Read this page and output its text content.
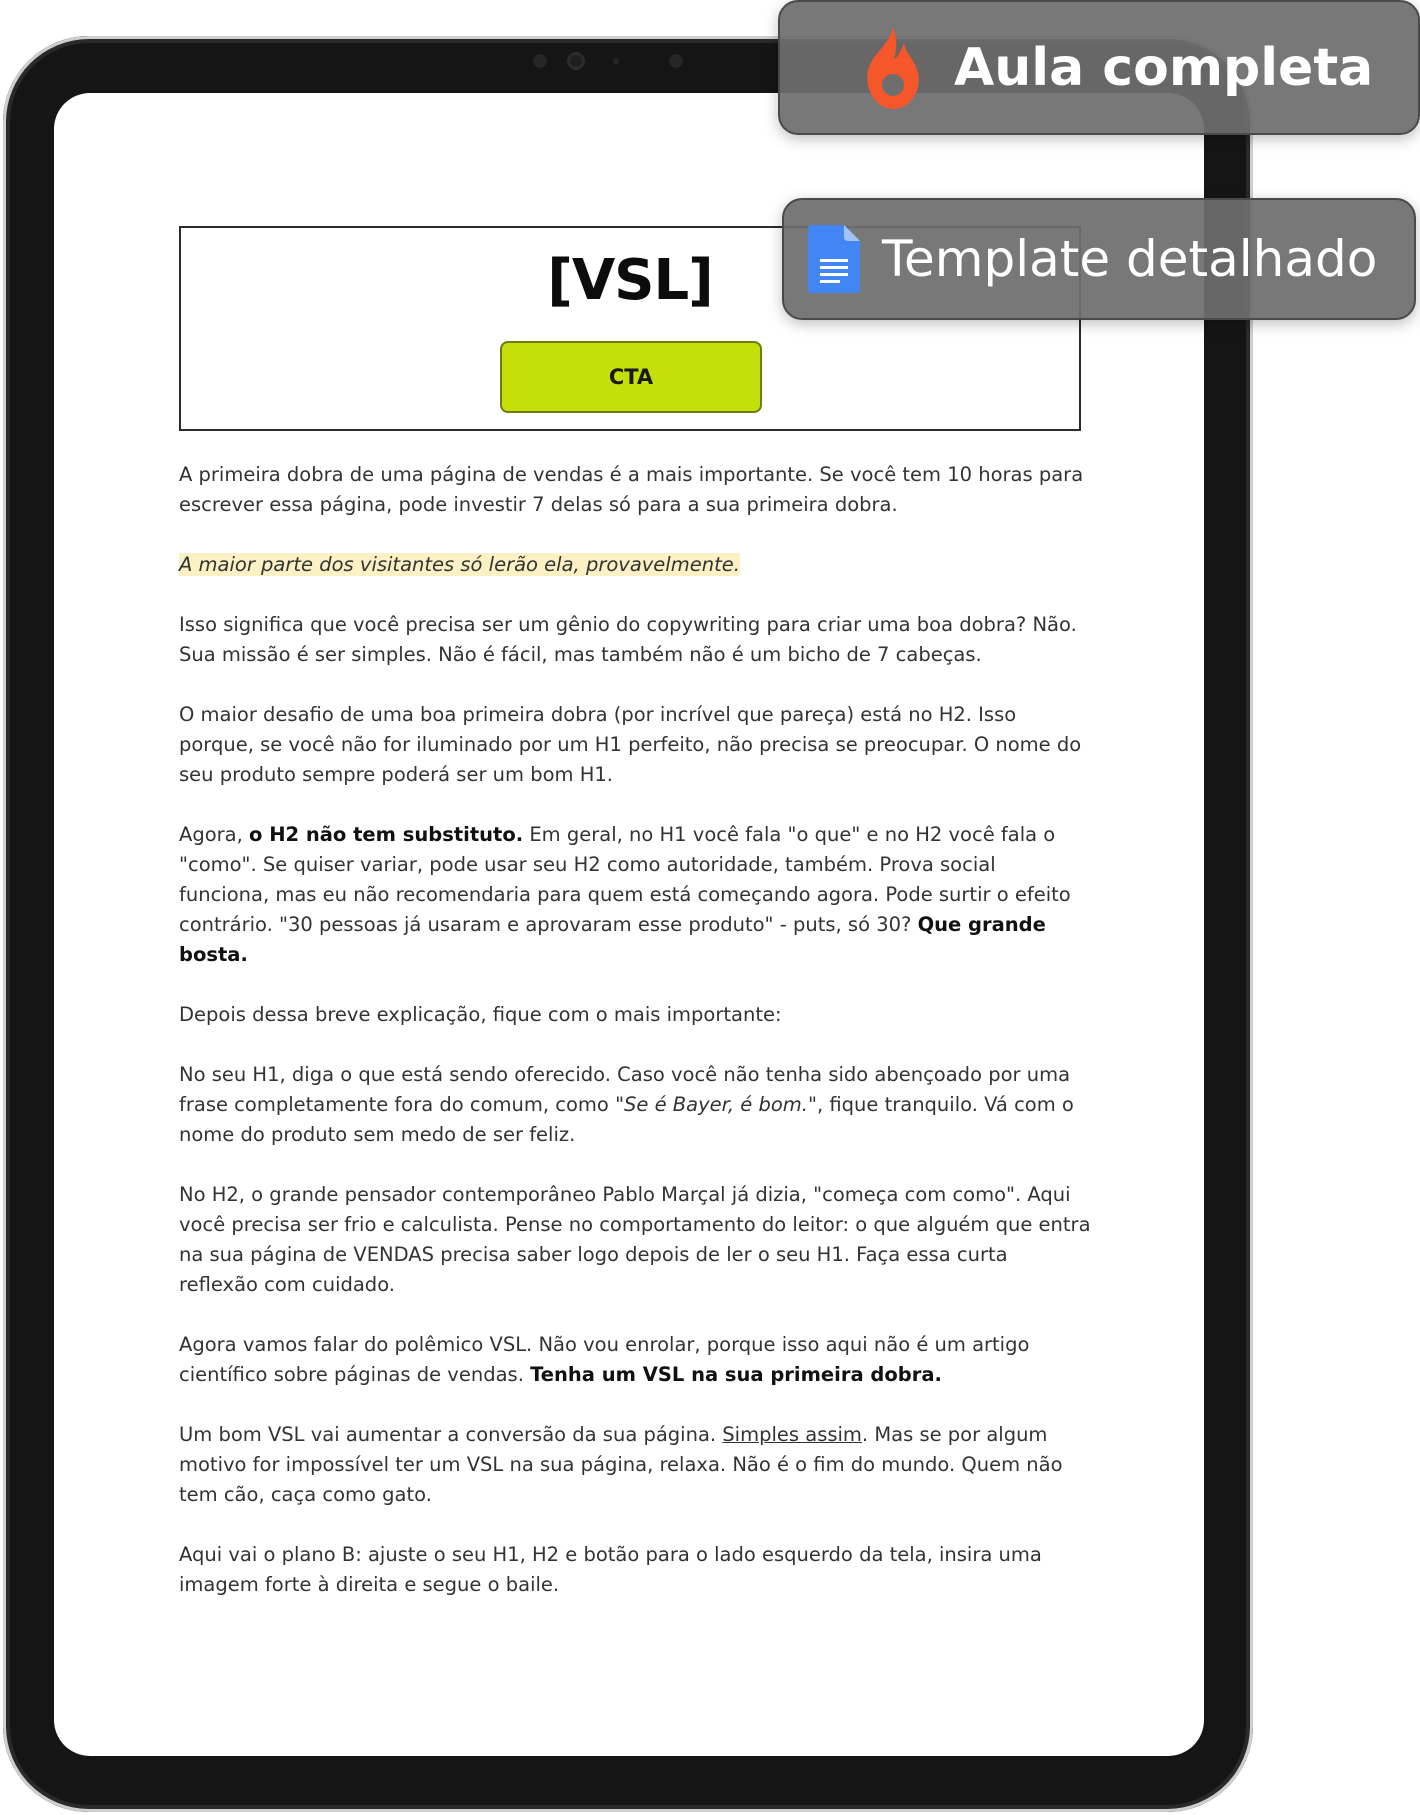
[VSL]
CTA

A primeira dobra de uma página de vendas é a mais importante. Se você tem 10 horas para escrever essa página, pode investir 7 delas só para a sua primeira dobra.

A maior parte dos visitantes só lerão ela, provavelmente.

Isso significa que você precisa ser um gênio do copywriting para criar uma boa dobra? Não. Sua missão é ser simples. Não é fácil, mas também não é um bicho de 7 cabeças.

O maior desafio de uma boa primeira dobra (por incrível que pareça) está no H2. Isso porque, se você não for iluminado por um H1 perfeito, não precisa se preocupar. O nome do seu produto sempre poderá ser um bom H1.

Agora, o H2 não tem substituto. Em geral, no H1 você fala "o que" e no H2 você fala o "como". Se quiser variar, pode usar seu H2 como autoridade, também. Prova social funciona, mas eu não recomendaria para quem está começando agora. Pode surtir o efeito contrário. "30 pessoas já usaram e aprovaram esse produto" - puts, só 30? Que grande bosta.

Depois dessa breve explicação, fique com o mais importante:

No seu H1, diga o que está sendo oferecido. Caso você não tenha sido abençoado por uma frase completamente fora do comum, como "Se é Bayer, é bom.", fique tranquilo. Vá com o nome do produto sem medo de ser feliz.

No H2, o grande pensador contemporâneo Pablo Marçal já dizia, "começa com como". Aqui você precisa ser frio e calculista. Pense no comportamento do leitor: o que alguém que entra na sua página de VENDAS precisa saber logo depois de ler o seu H1. Faça essa curta reflexão com cuidado.

Agora vamos falar do polêmico VSL. Não vou enrolar, porque isso aqui não é um artigo científico sobre páginas de vendas. Tenha um VSL na sua primeira dobra.

Um bom VSL vai aumentar a conversão da sua página. Simples assim. Mas se por algum motivo for impossível ter um VSL na sua página, relaxa. Não é o fim do mundo. Quem não tem cão, caça como gato.

Aqui vai o plano B: ajuste o seu H1, H2 e botão para o lado esquerdo da tela, insira uma imagem forte à direita e segue o baile.

Aula completa
Template detalhado
